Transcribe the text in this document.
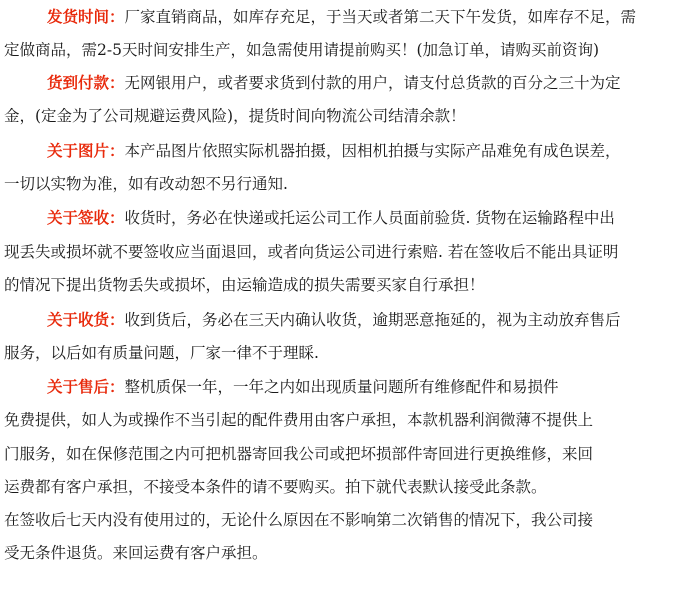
发货时间：厂家直销商品，如库存充足，于当天或者第二天下午发货，如库存不足，需
定做商品，需2-5天时间安排生产，如急需使用请提前购买！(加急订单，请购买前资询)
货到付款：无网银用户，或者要求货到付款的用户，请支付总货款的百分之三十为定
金，(定金为了公司规避运费风险)，提货时间向物流公司结清余款！
关于图片：本产品图片依照实际机器拍摄，因相机拍摄与实际产品难免有成色误差，
一切以实物为准，如有改动恕不另行通知.
关于签收：收货时，务必在快递或托运公司工作人员面前验货. 货物在运输路程中出
现丢失或损坏就不要签收应当面退回，或者向货运公司进行索赔. 若在签收后不能出具证明
的情况下提出货物丢失或损坏，由运输造成的损失需要买家自行承担！
关于收货：收到货后，务必在三天内确认收货，逾期恶意拖延的，视为主动放弃售后
服务，以后如有质量问题，厂家一律不于理睬.
关于售后：整机质保一年，一年之内如出现质量问题所有维修配件和易损件
免费提供，如人为或操作不当引起的配件费用由客户承担，本款机器利润微薄不提供上
门服务，如在保修范围之内可把机器寄回我公司或把坏损部件寄回进行更换维修，来回
运费都有客户承担，不接受本条件的请不要购买。拍下就代表默认接受此条款。
在签收后七天内没有使用过的，无论什么原因在不影响第二次销售的情况下，我公司接
受无条件退货。来回运费有客户承担。
